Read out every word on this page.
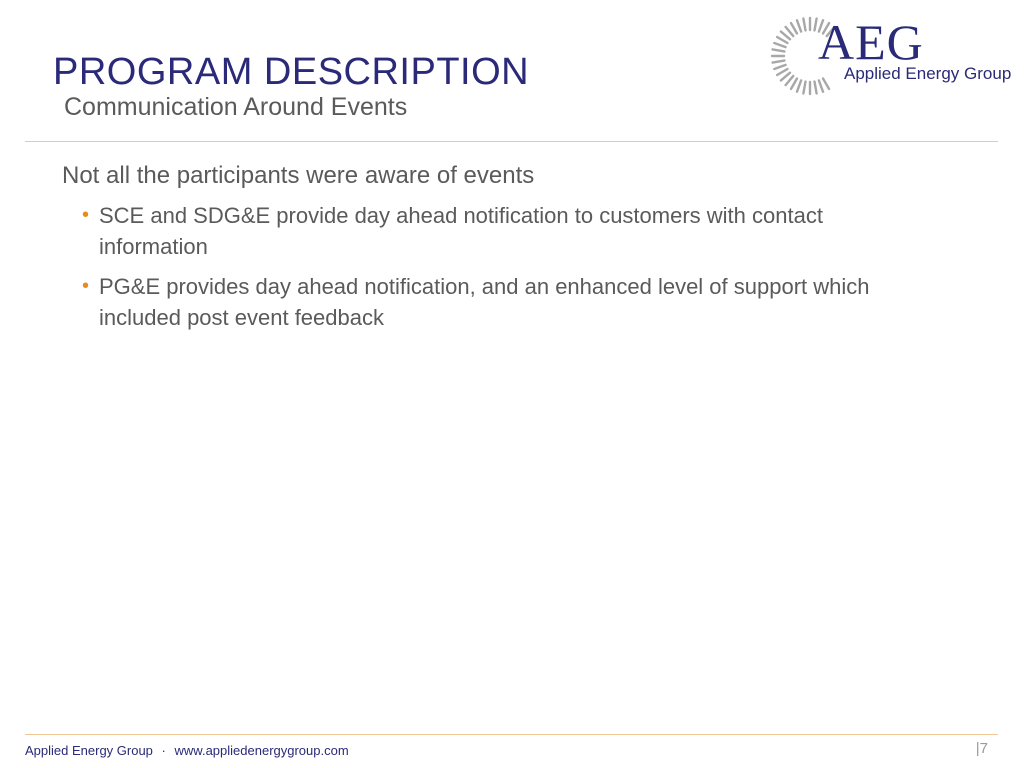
PROGRAM DESCRIPTION
Communication Around Events
AEG
Applied Energy Group

Not all the participants were aware of events

• SCE and SDG&E provide day ahead notification to customers with contact information
• PG&E provides day ahead notification, and an enhanced level of support which included post event feedback
Applied Energy Group · www.appliedenergygroup.com	|7
